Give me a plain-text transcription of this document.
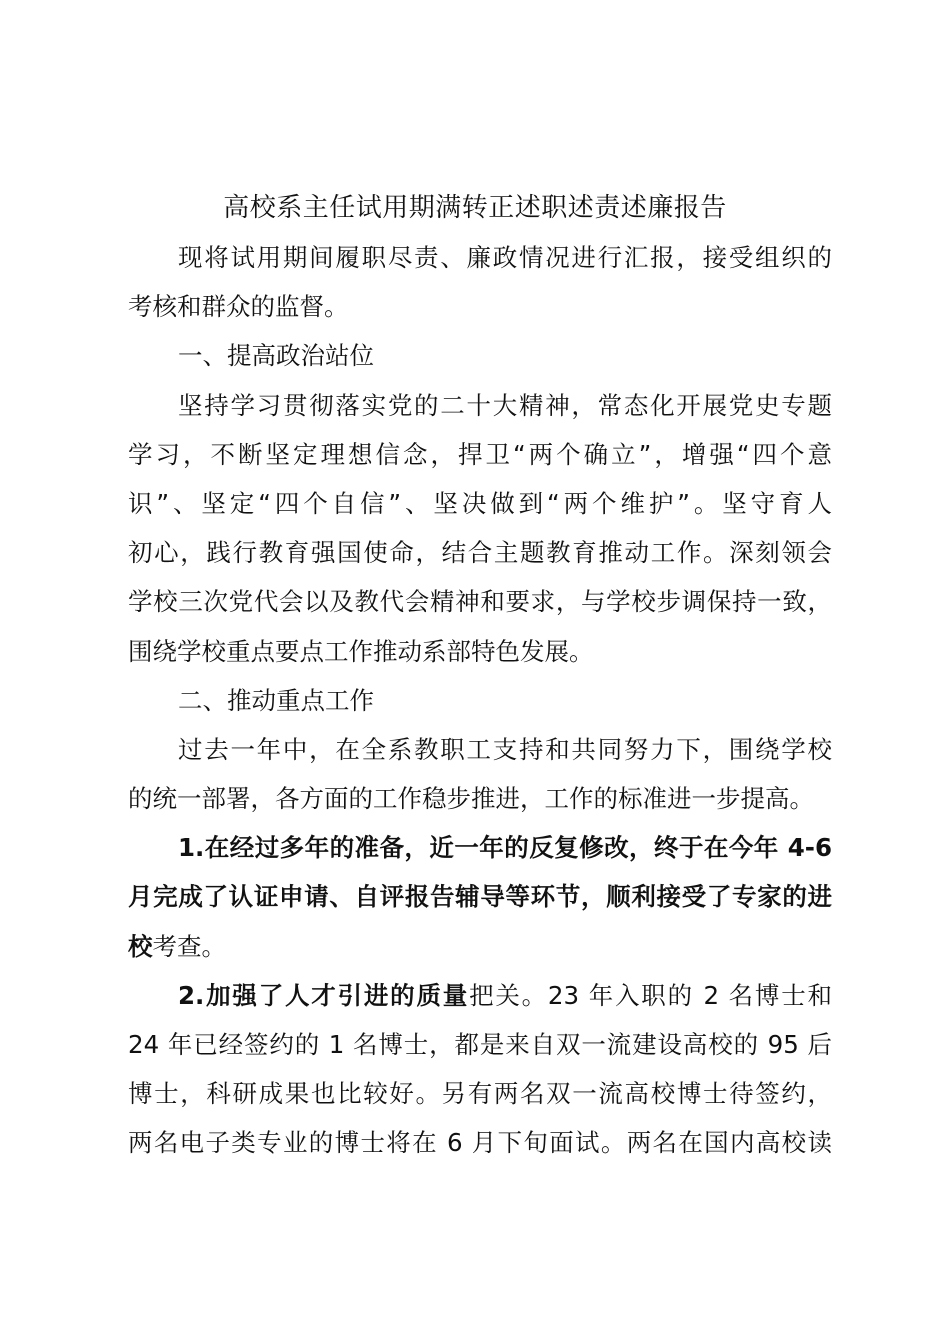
高校系主任试用期满转正述职述责述廉报告
现将试用期间履职尽责、廉政情况进行汇报，接受组织的
考核和群众的监督。
一、提高政治站位
坚持学习贯彻落实党的二十大精神，常态化开展党史专题
学习，不断坚定理想信念，捍卫“两个确立”，增强“四个意
识”、坚定“四个自信”、坚决做到“两个维护”。坚守育人
初心，践行教育强国使命，结合主题教育推动工作。深刻领会
学校三次党代会以及教代会精神和要求，与学校步调保持一致，
围绕学校重点要点工作推动系部特色发展。
二、推动重点工作
过去一年中，在全系教职工支持和共同努力下，围绕学校
的统一部署，各方面的工作稳步推进，工作的标准进一步提高。
1.在经过多年的准备，近一年的反复修改，终于在今年 4-6
月完成了认证申请、自评报告辅导等环节，顺利接受了专家的进
校考查。
2.加强了人才引进的质量把关。23 年入职的 2 名博士和
24 年已经签约的 1 名博士，都是来自双一流建设高校的 95 后
博士，科研成果也比较好。另有两名双一流高校博士待签约，
两名电子类专业的博士将在 6 月下旬面试。两名在国内高校读
